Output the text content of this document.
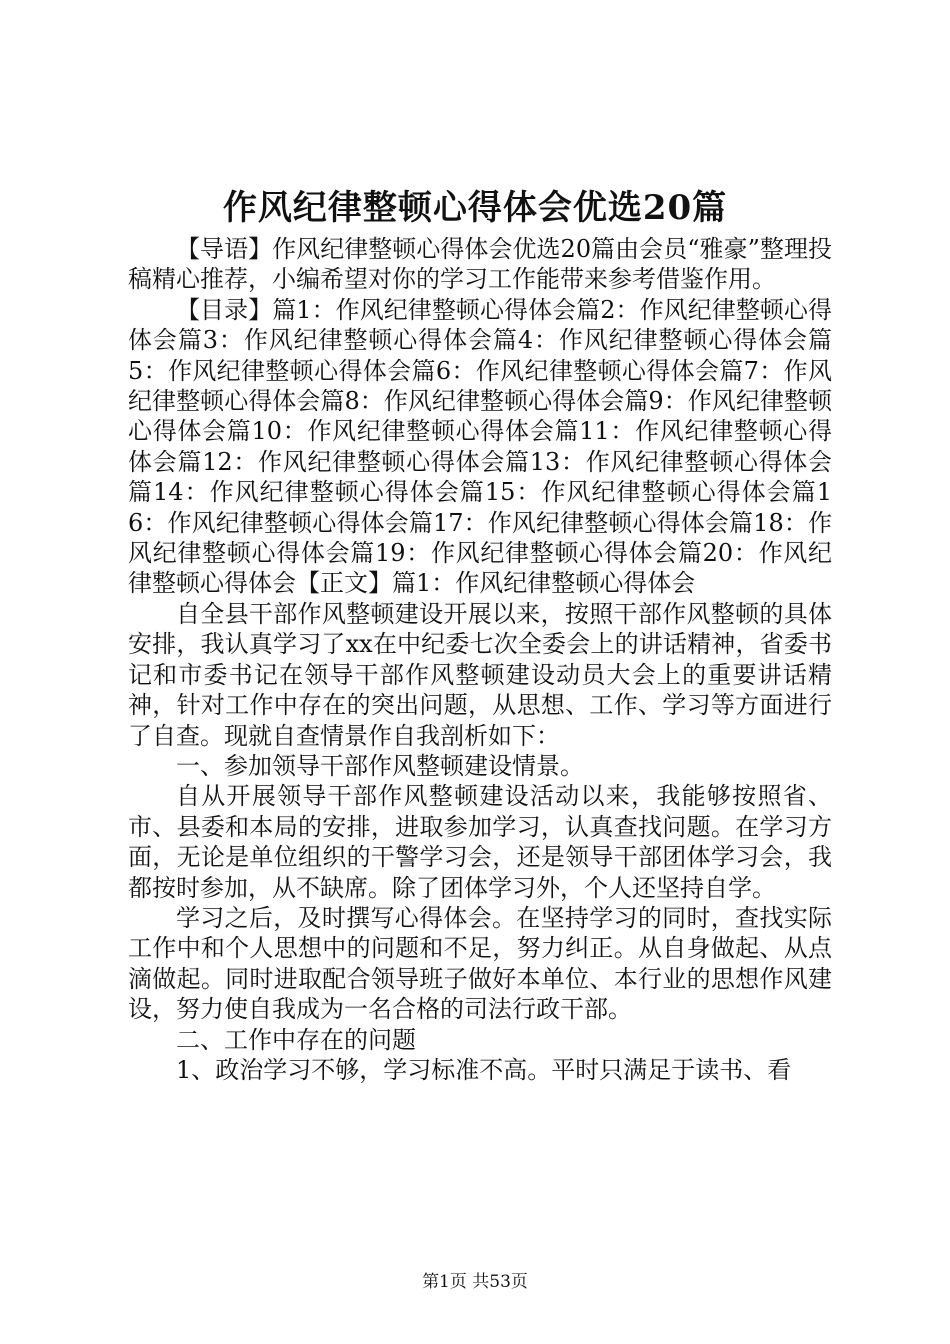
作风纪律整顿心得体会优选20篇

【导语】作风纪律整顿心得体会优选20篇由会员“雅豪”整理投稿精心推荐，小编希望对你的学习工作能带来参考借鉴作用。

【目录】篇1：作风纪律整顿心得体会篇2：作风纪律整顿心得体会篇3：作风纪律整顿心得体会篇4：作风纪律整顿心得体会篇5：作风纪律整顿心得体会篇6：作风纪律整顿心得体会篇7：作风纪律整顿心得体会篇8：作风纪律整顿心得体会篇9：作风纪律整顿心得体会篇10：作风纪律整顿心得体会篇11：作风纪律整顿心得体会篇12：作风纪律整顿心得体会篇13：作风纪律整顿心得体会篇14：作风纪律整顿心得体会篇15：作风纪律整顿心得体会篇16：作风纪律整顿心得体会篇17：作风纪律整顿心得体会篇18：作风纪律整顿心得体会篇19：作风纪律整顿心得体会篇20：作风纪律整顿心得体会【正文】篇1：作风纪律整顿心得体会

自全县干部作风整顿建设开展以来，按照干部作风整顿的具体安排，我认真学习了xx在中纪委七次全委会上的讲话精神，省委书记和市委书记在领导干部作风整顿建设动员大会上的重要讲话精神，针对工作中存在的突出问题，从思想、工作、学习等方面进行了自查。现就自查情景作自我剖析如下：

一、参加领导干部作风整顿建设情景。

自从开展领导干部作风整顿建设活动以来，我能够按照省、市、县委和本局的安排，进取参加学习，认真查找问题。在学习方面，无论是单位组织的干警学习会，还是领导干部团体学习会，我都按时参加，从不缺席。除了团体学习外，个人还坚持自学。

学习之后，及时撰写心得体会。在坚持学习的同时，查找实际工作中和个人思想中的问题和不足，努力纠正。从自身做起、从点滴做起。同时进取配合领导班子做好本单位、本行业的思想作风建设，努力使自我成为一名合格的司法行政干部。

二、工作中存在的问题

1、政治学习不够，学习标准不高。平时只满足于读书、看

第1页 共53页
